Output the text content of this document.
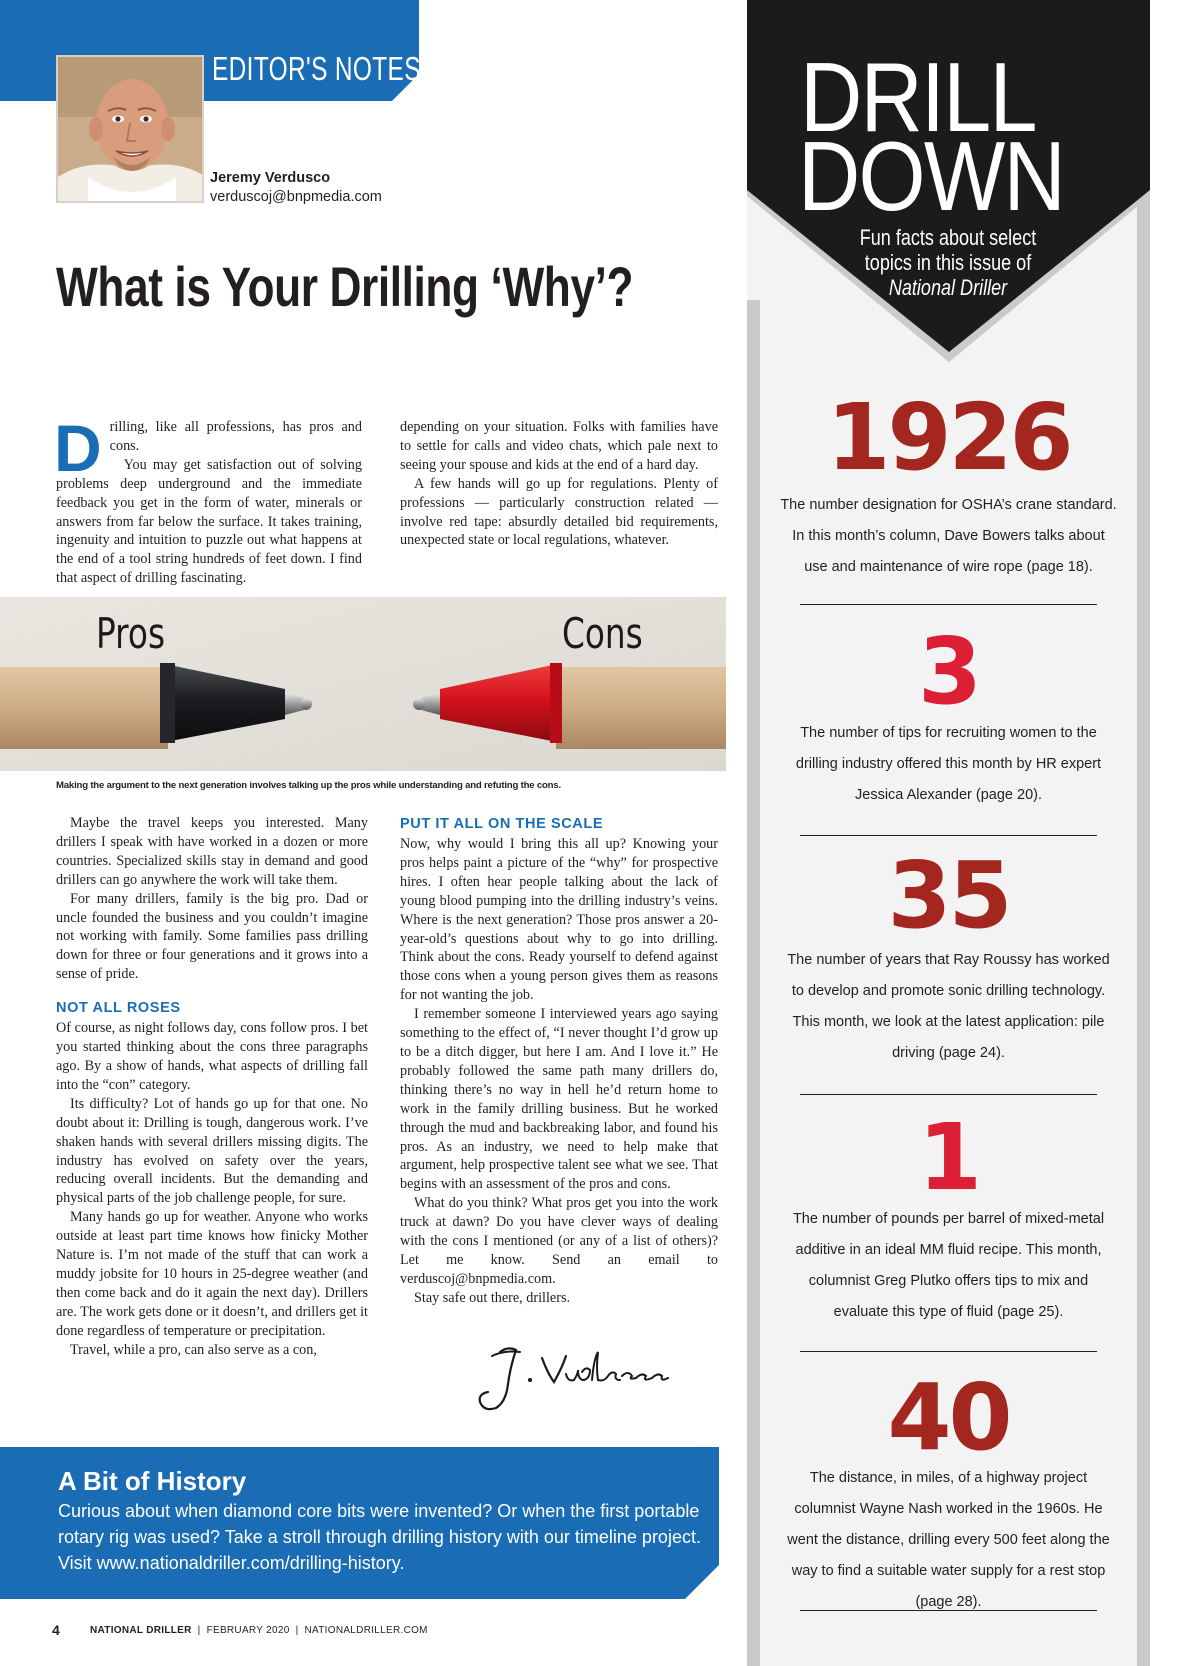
EDITOR'S NOTES
Jeremy Verdusco
verduscoj@bnpmedia.com
What is Your Drilling ‘Why’?
D rilling, like all professions, has pros and cons.

You may get satisfaction out of solving problems deep underground and the immediate feedback you get in the form of water, minerals or answers from far below the surface. It takes training, ingenuity and intuition to puzzle out what happens at the end of a tool string hundreds of feet down. I find that aspect of drilling fascinating.

depending on your situation. Folks with families have to settle for calls and video chats, which pale next to seeing your spouse and kids at the end of a hard day.

A few hands will go up for regulations. Plenty of professions — particularly construction related — involve red tape: absurdly detailed bid requirements, unexpected state or local regulations, whatever.

Pros	Cons
Making the argument to the next generation involves talking up the pros while understanding and refuting the cons.

Maybe the travel keeps you interested. Many drillers I speak with have worked in a dozen or more countries. Specialized skills stay in demand and good drillers can go anywhere the work will take them.

For many drillers, family is the big pro. Dad or uncle founded the business and you couldn’t imagine not working with family. Some families pass drilling down for three or four generations and it grows into a sense of pride.

NOT ALL ROSES

Of course, as night follows day, cons follow pros. I bet you started thinking about the cons three paragraphs ago. By a show of hands, what aspects of drilling fall into the “con” category.

Its difficulty? Lot of hands go up for that one. No doubt about it: Drilling is tough, dangerous work. I’ve shaken hands with several drillers missing digits. The industry has evolved on safety over the years, reducing overall incidents. But the demanding and physical parts of the job challenge people, for sure.

Many hands go up for weather. Anyone who works outside at least part time knows how finicky Mother Nature is. I’m not made of the stuff that can work a muddy jobsite for 10 hours in 25-degree weather (and then come back and do it again the next day). Drillers are. The work gets done or it doesn’t, and drillers get it done regardless of temperature or precipitation.

Travel, while a pro, can also serve as a con,

PUT IT ALL ON THE SCALE

Now, why would I bring this all up? Knowing your pros helps paint a picture of the “why” for prospective hires. I often hear people talking about the lack of young blood pumping into the drilling industry’s veins. Where is the next generation? Those pros answer a 20-year-old’s questions about why to go into drilling. Think about the cons. Ready yourself to defend against those cons when a young person gives them as reasons for not wanting the job.

I remember someone I interviewed years ago saying something to the effect of, “I never thought I’d grow up to be a ditch digger, but here I am. And I love it.” He probably followed the same path many drillers do, thinking there’s no way in hell he’d return home to work in the family drilling business. But he worked through the mud and backbreaking labor, and found his pros. As an industry, we need to help make that argument, help prospective talent see what we see. That begins with an assessment of the pros and cons.

What do you think? What pros get you into the work truck at dawn? Do you have clever ways of dealing with the cons I mentioned (or any of a list of others)? Let me know. Send an email to verduscoj@bnpmedia.com.

Stay safe out there, drillers.

A Bit of History
Curious about when diamond core bits were invented? Or when the first portable rotary rig was used? Take a stroll through drilling history with our timeline project. Visit www.nationaldriller.com/drilling-history.
4	NATIONAL DRILLER | FEBRUARY 2020 | NATIONALDRILLER.COM
DRILL
DOWN
Fun facts about select
topics in this issue of
National Driller
1926
The number designation for OSHA’s crane standard. In this month’s column, Dave Bowers talks about use and maintenance of wire rope (page 18).
3
The number of tips for recruiting women to the drilling industry offered this month by HR expert Jessica Alexander (page 20).
35
The number of years that Ray Roussy has worked to develop and promote sonic drilling technology. This month, we look at the latest application: pile driving (page 24).
1
The number of pounds per barrel of mixed-metal additive in an ideal MM fluid recipe. This month, columnist Greg Plutko offers tips to mix and evaluate this type of fluid (page 25).
40
The distance, in miles, of a highway project columnist Wayne Nash worked in the 1960s. He went the distance, drilling every 500 feet along the way to find a suitable water supply for a rest stop (page 28).
